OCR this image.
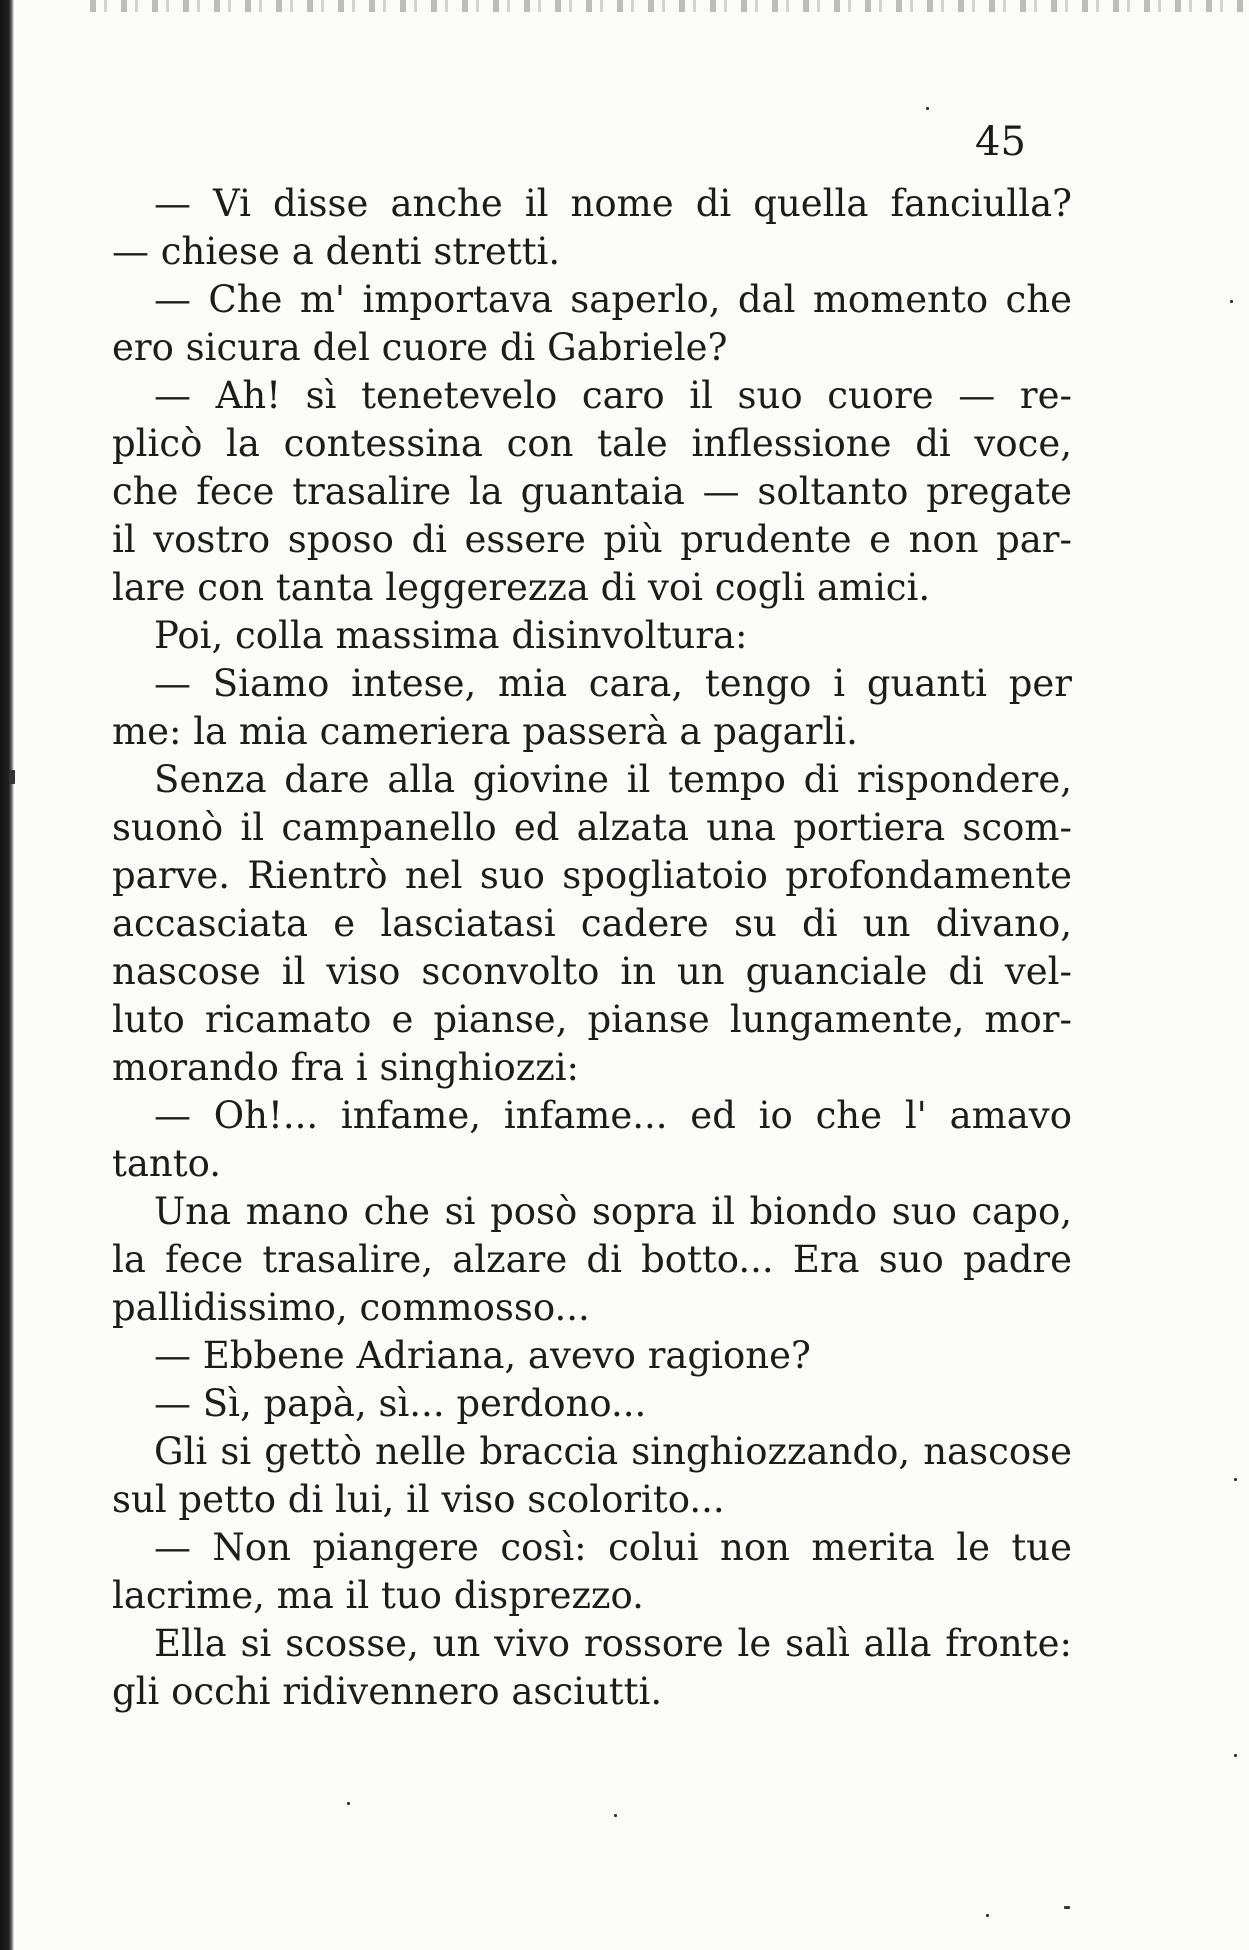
45
— Vi disse anche il nome di quella fanciulla?
— chiese a denti stretti.
— Che m' importava saperlo, dal momento che
ero sicura del cuore di Gabriele?
— Ah! sì tenetevelo caro il suo cuore — re-
plicò la contessina con tale inflessione di voce,
che fece trasalire la guantaia — soltanto pregate
il vostro sposo di essere più prudente e non par-
lare con tanta leggerezza di voi cogli amici.
Poi, colla massima disinvoltura:
— Siamo intese, mia cara, tengo i guanti per
me: la mia cameriera passerà a pagarli.
Senza dare alla giovine il tempo di rispondere,
suonò il campanello ed alzata una portiera scom-
parve. Rientrò nel suo spogliatoio profondamente
accasciata e lasciatasi cadere su di un divano,
nascose il viso sconvolto in un guanciale di vel-
luto ricamato e pianse, pianse lungamente, mor-
morando fra i singhiozzi:
— Oh!... infame, infame... ed io che l' amavo
tanto.
Una mano che si posò sopra il biondo suo capo,
la fece trasalire, alzare di botto... Era suo padre
pallidissimo, commosso...
— Ebbene Adriana, avevo ragione?
— Sì, papà, sì... perdono...
Gli si gettò nelle braccia singhiozzando, nascose
sul petto di lui, il viso scolorito...
— Non piangere così: colui non merita le tue
lacrime, ma il tuo disprezzo.
Ella si scosse, un vivo rossore le salì alla fronte:
gli occhi ridivennero asciutti.
